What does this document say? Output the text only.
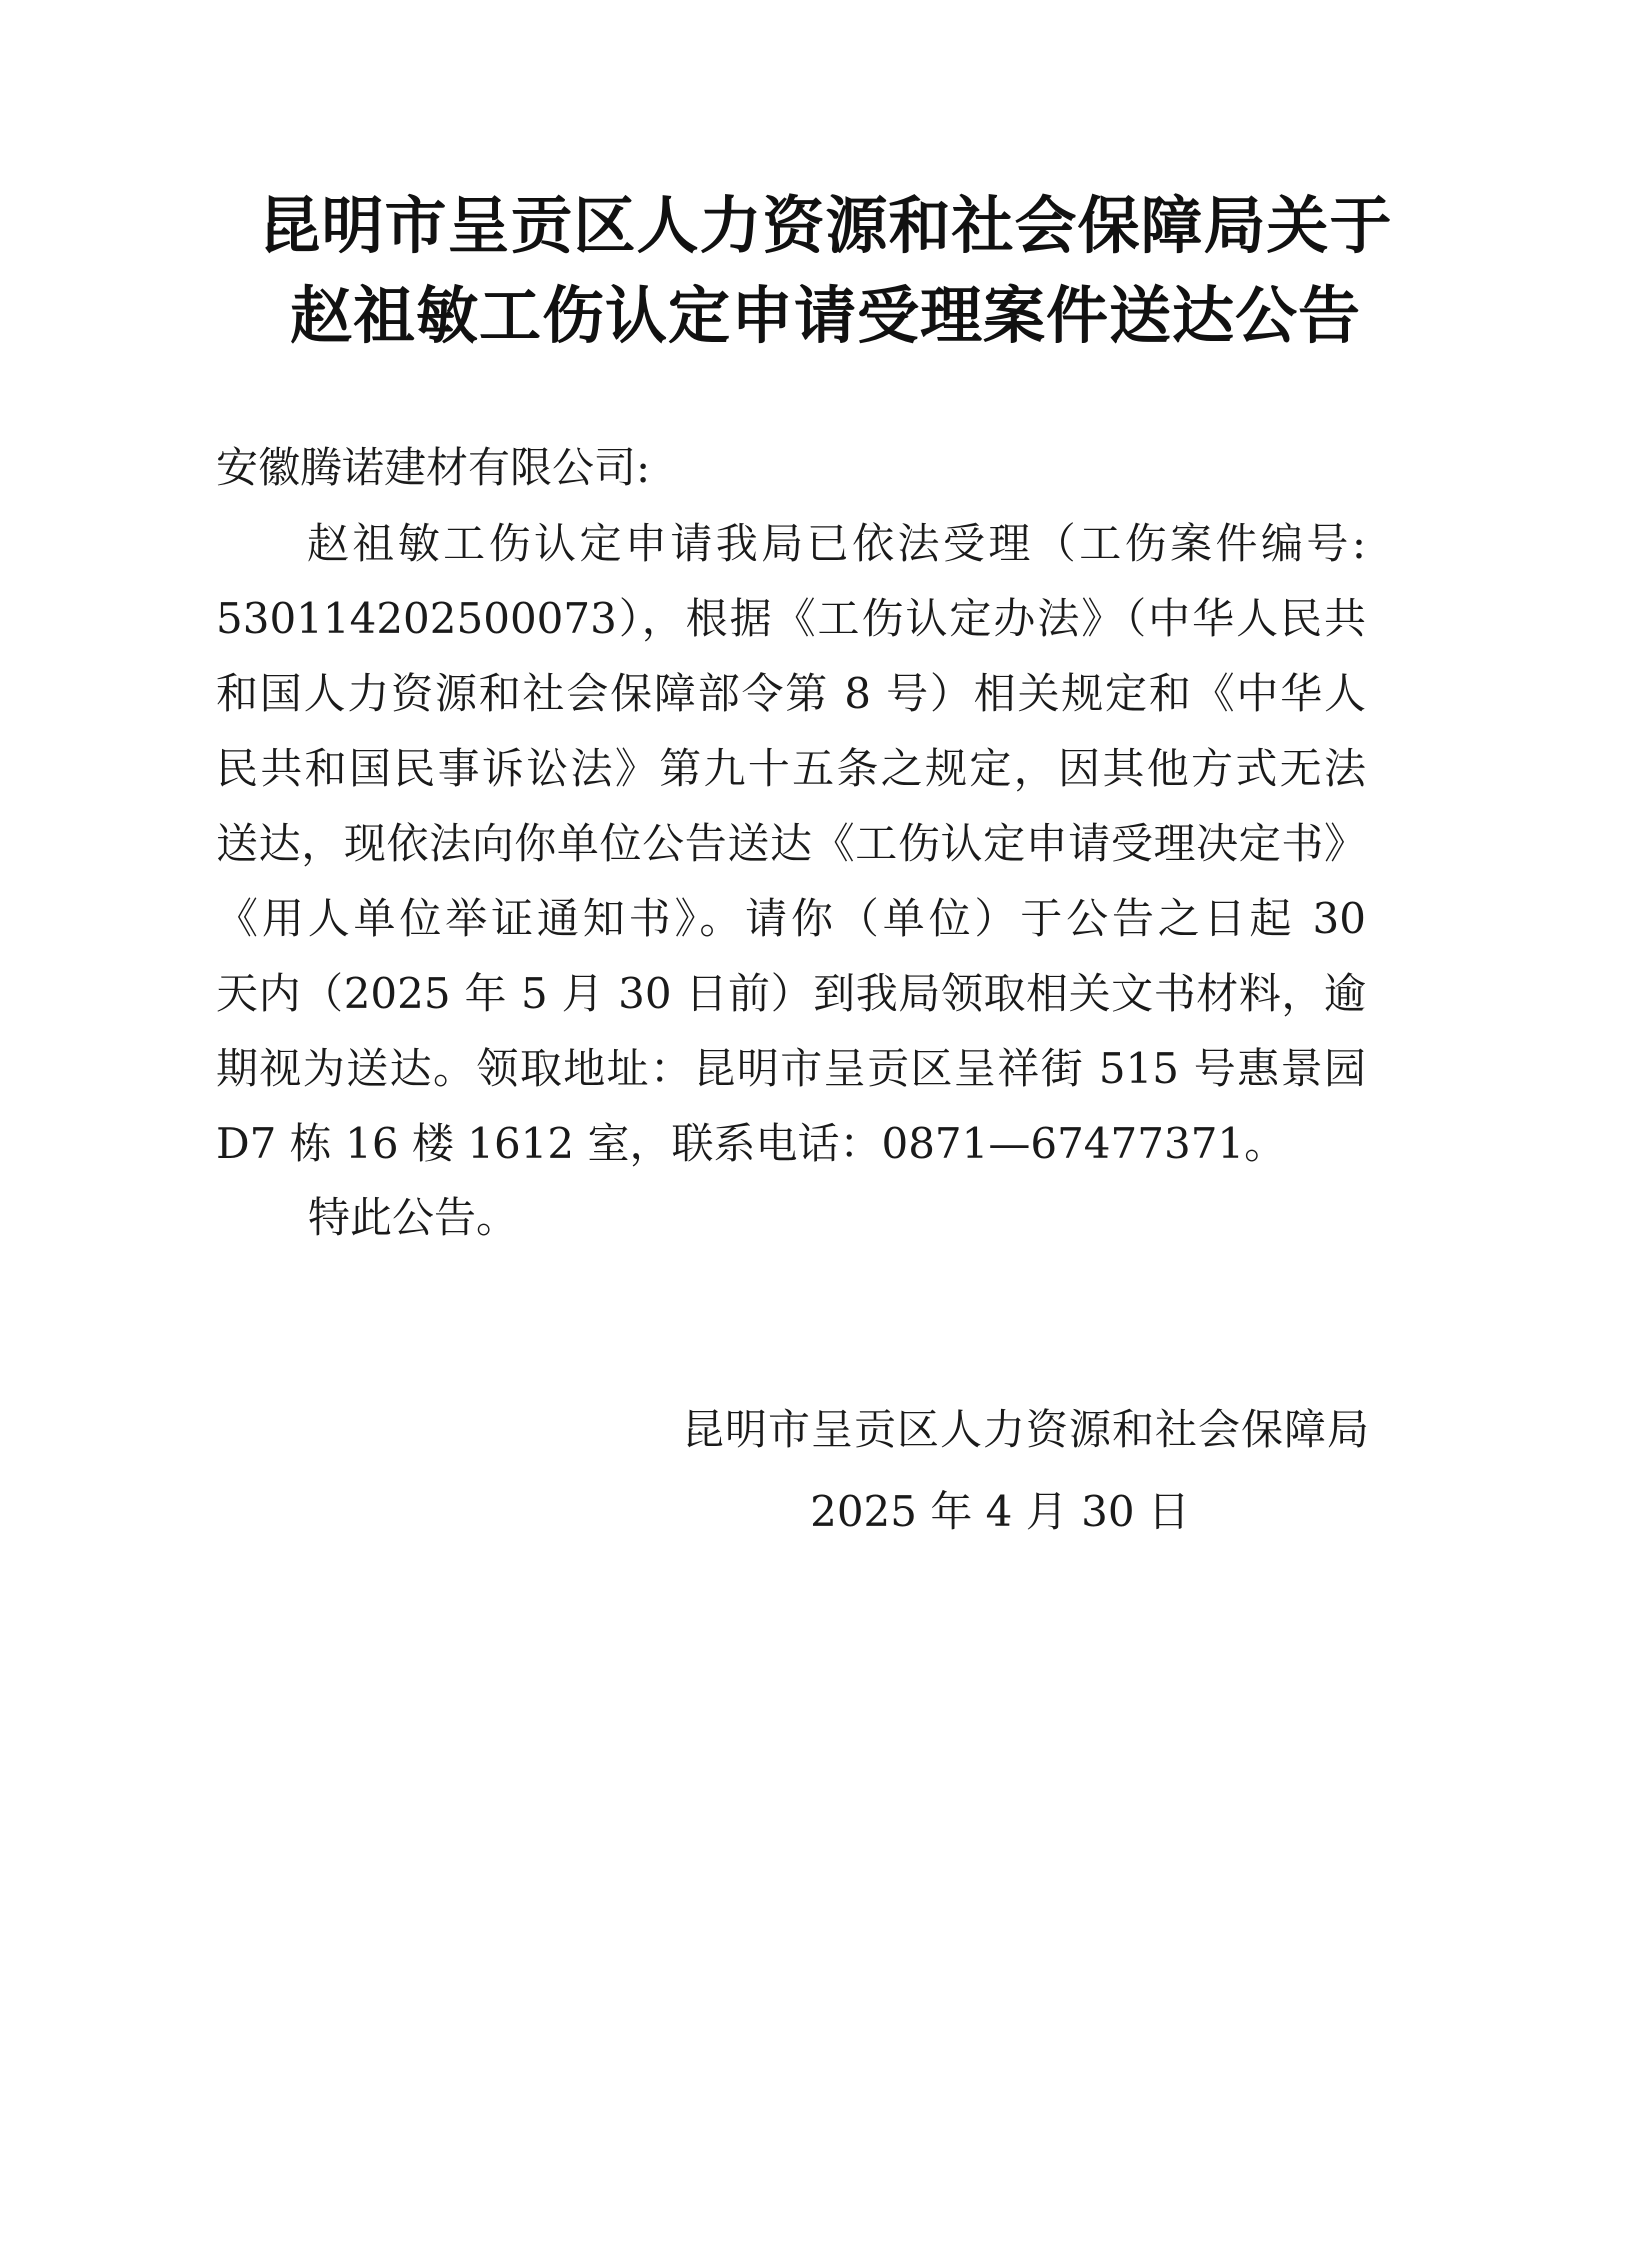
昆明市呈贡区人力资源和社会保障局关于
赵祖敏工伤认定申请受理案件送达公告
安徽腾诺建材有限公司:
　　赵祖敏工伤认定申请我局已依法受理（工伤案件编号:
530114202500073），根据《工伤认定办法》（中华人民共
和国人力资源和社会保障部令第 8 号）相关规定和《中华人
民共和国民事诉讼法》第九十五条之规定，因其他方式无法
送达，现依法向你单位公告送达《工伤认定申请受理决定书》
《用人单位举证通知书》。请你（单位）于公告之日起 30
天内（2025 年 5 月 30 日前）到我局领取相关文书材料，逾
期视为送达。领取地址：昆明市呈贡区呈祥街 515 号惠景园
D7 栋 16 楼 1612 室，联系电话：0871—67477371。
特此公告。
昆明市呈贡区人力资源和社会保障局
2025 年 4 月 30 日
